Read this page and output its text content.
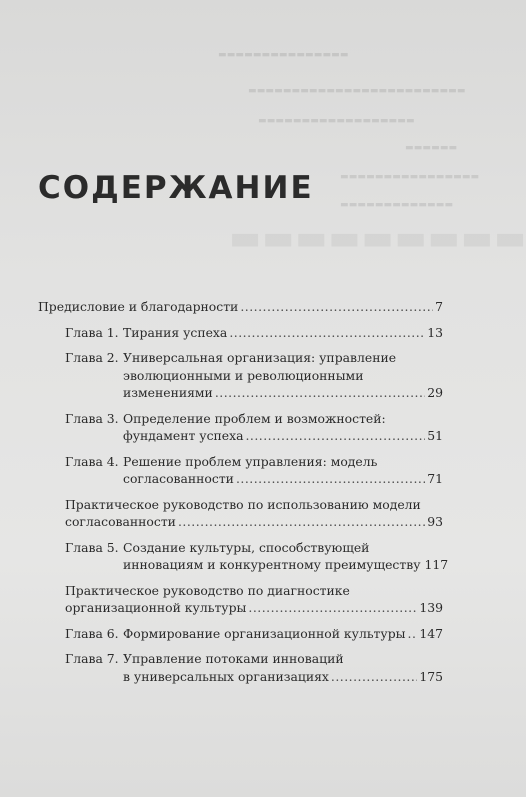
▬▬▬▬▬▬▬▬▬▬▬▬▬▬▬
▬▬▬▬▬▬▬▬▬▬▬▬▬▬▬▬▬▬▬▬▬▬▬▬▬
▬▬▬▬▬▬▬▬▬▬▬▬▬▬▬▬▬▬
▬▬▬▬▬▬
▬▬▬▬▬▬▬▬▬▬▬▬▬▬▬▬
▬▬▬▬▬▬▬▬▬▬▬▬▬
▬▬▬▬▬▬▬▬▬
СОДЕРЖАНИЕ
Предисловие и благодарности .....	7
Глава 1. Тирания успеха .....	13
Глава 2. Универсальная организация: управление
эволюционными и революционными
изменениями .....	29
Глава 3. Определение проблем и возможностей:
фундамент успеха .....	51
Глава 4. Решение проблем управления: модель
согласованности .....	71
Практическое руководство по использованию модели
согласованности .....	93
Глава 5. Создание культуры, способствующей
инновациям и конкурентному преимуществу 117
Практическое руководство по диагностике
организационной культуры .....	139
Глава 6. Формирование организационной культуры ..... 147
Глава 7. Управление потоками инноваций
в универсальных организациях .....	175
